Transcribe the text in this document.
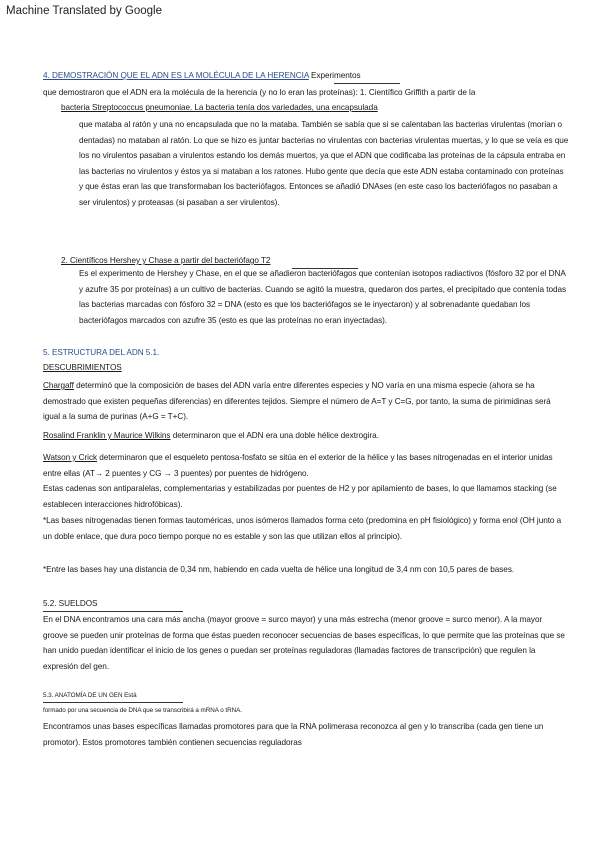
Machine Translated by Google
4. DEMOSTRACIÓN QUE EL ADN ES LA MOLÉCULA DE LA HERENCIA Experimentos
que demostraron que el ADN era la molécula de la herencia (y no lo eran las proteínas): 1. Científico Griffith a partir de la
bacteria Streptococcus pneumoniae. La bacteria tenía dos variedades, una encapsulada
que mataba al ratón y una no encapsulada que no la mataba. También se sabía que si se calentaban las bacterias virulentas (morían o dentadas) no mataban al ratón. Lo que se hizo es juntar bacterias no virulentas con bacterias virulentas muertas, y lo que se veía es que los no virulentos pasaban a virulentos estando los demás muertos, ya que el ADN que codificaba las proteínas de la cápsula entraba en las bacterias no virulentos y éstos ya si mataban a los ratones. Hubo gente que decía que este ADN estaba contaminado con proteínas y que éstas eran las que transformaban los bacteriófagos. Entonces se añadió DNAses (en este caso los bacteriófagos no pasaban a ser virulentos) y proteasas (si pasaban a ser virulentos).
2. Científicos Hershey y Chase a partir del bacteriófago T2
Es el experimento de Hershey y Chase, en el que se añadieron bacteriófagos que contenían isotopos radiactivos (fósforo 32 por el DNA y azufre 35 por proteínas) a un cultivo de bacterias. Cuando se agitó la muestra, quedaron dos partes, el precipitado que contenía todas las bacterias marcadas con fósforo 32 = DNA (esto es que los bacteriófagos se le inyectaron) y al sobrenadante quedaban los bacteriófagos marcados con azufre 35 (esto es que las proteínas no eran inyectadas).
5. ESTRUCTURA DEL ADN 5.1.
DESCUBRIMIENTOS
Chargaff determinó que la composición de bases del ADN varía entre diferentes especies y NO varía en una misma especie (ahora se ha demostrado que existen pequeñas diferencias) en diferentes tejidos. Siempre el número de A=T y C=G, por tanto, la suma de pirimidinas será igual a la suma de purinas (A+G = T+C).
Rosalind Franklin y Maurice Wilkins determinaron que el ADN era una doble hélice dextrogira.
Watson y Crick determinaron que el esqueleto pentosa-fosfato se sitúa en el exterior de la hélice y las bases nitrogenadas en el interior unidas entre ellas (AT→ 2 puentes y CG → 3 puentes) por puentes de hidrógeno.
Estas cadenas son antiparalelas, complementarias y estabilizadas por puentes de H2 y por apilamiento de bases, lo que llamamos stacking (se establecen interacciones hidrofóbicas).
*Las bases nitrogenadas tienen formas tautoméricas, unos isómeros llamados forma ceto (predomina en pH fisiológico) y forma enol (OH junto a un doble enlace, que dura poco tiempo porque no es estable y son las que utilizan ellos al principio).
*Entre las bases hay una distancia de 0,34 nm, habiendo en cada vuelta de hélice una longitud de 3,4 nm con 10,5 pares de bases.
5.2. SUELDOS
En el DNA encontramos una cara más ancha (mayor groove = surco mayor) y una más estrecha (menor groove = surco menor). A la mayor groove se pueden unir proteínas de forma que éstas pueden reconocer secuencias de bases específicas, lo que permite que las proteínas que se han unido puedan identificar el inicio de los genes o puedan ser proteínas reguladoras (llamadas factores de transcripción) que regulen la expresión del gen.
5.3. ANATOMÍA DE UN GEN Está
formado por una secuencia de DNA que se transcribirá a mRNA o tRNA.
Encontramos unas bases específicas llamadas promotores para que la RNA polimerasa reconozca al gen y lo transcriba (cada gen tiene un promotor). Estos promotores también contienen secuencias reguladoras
